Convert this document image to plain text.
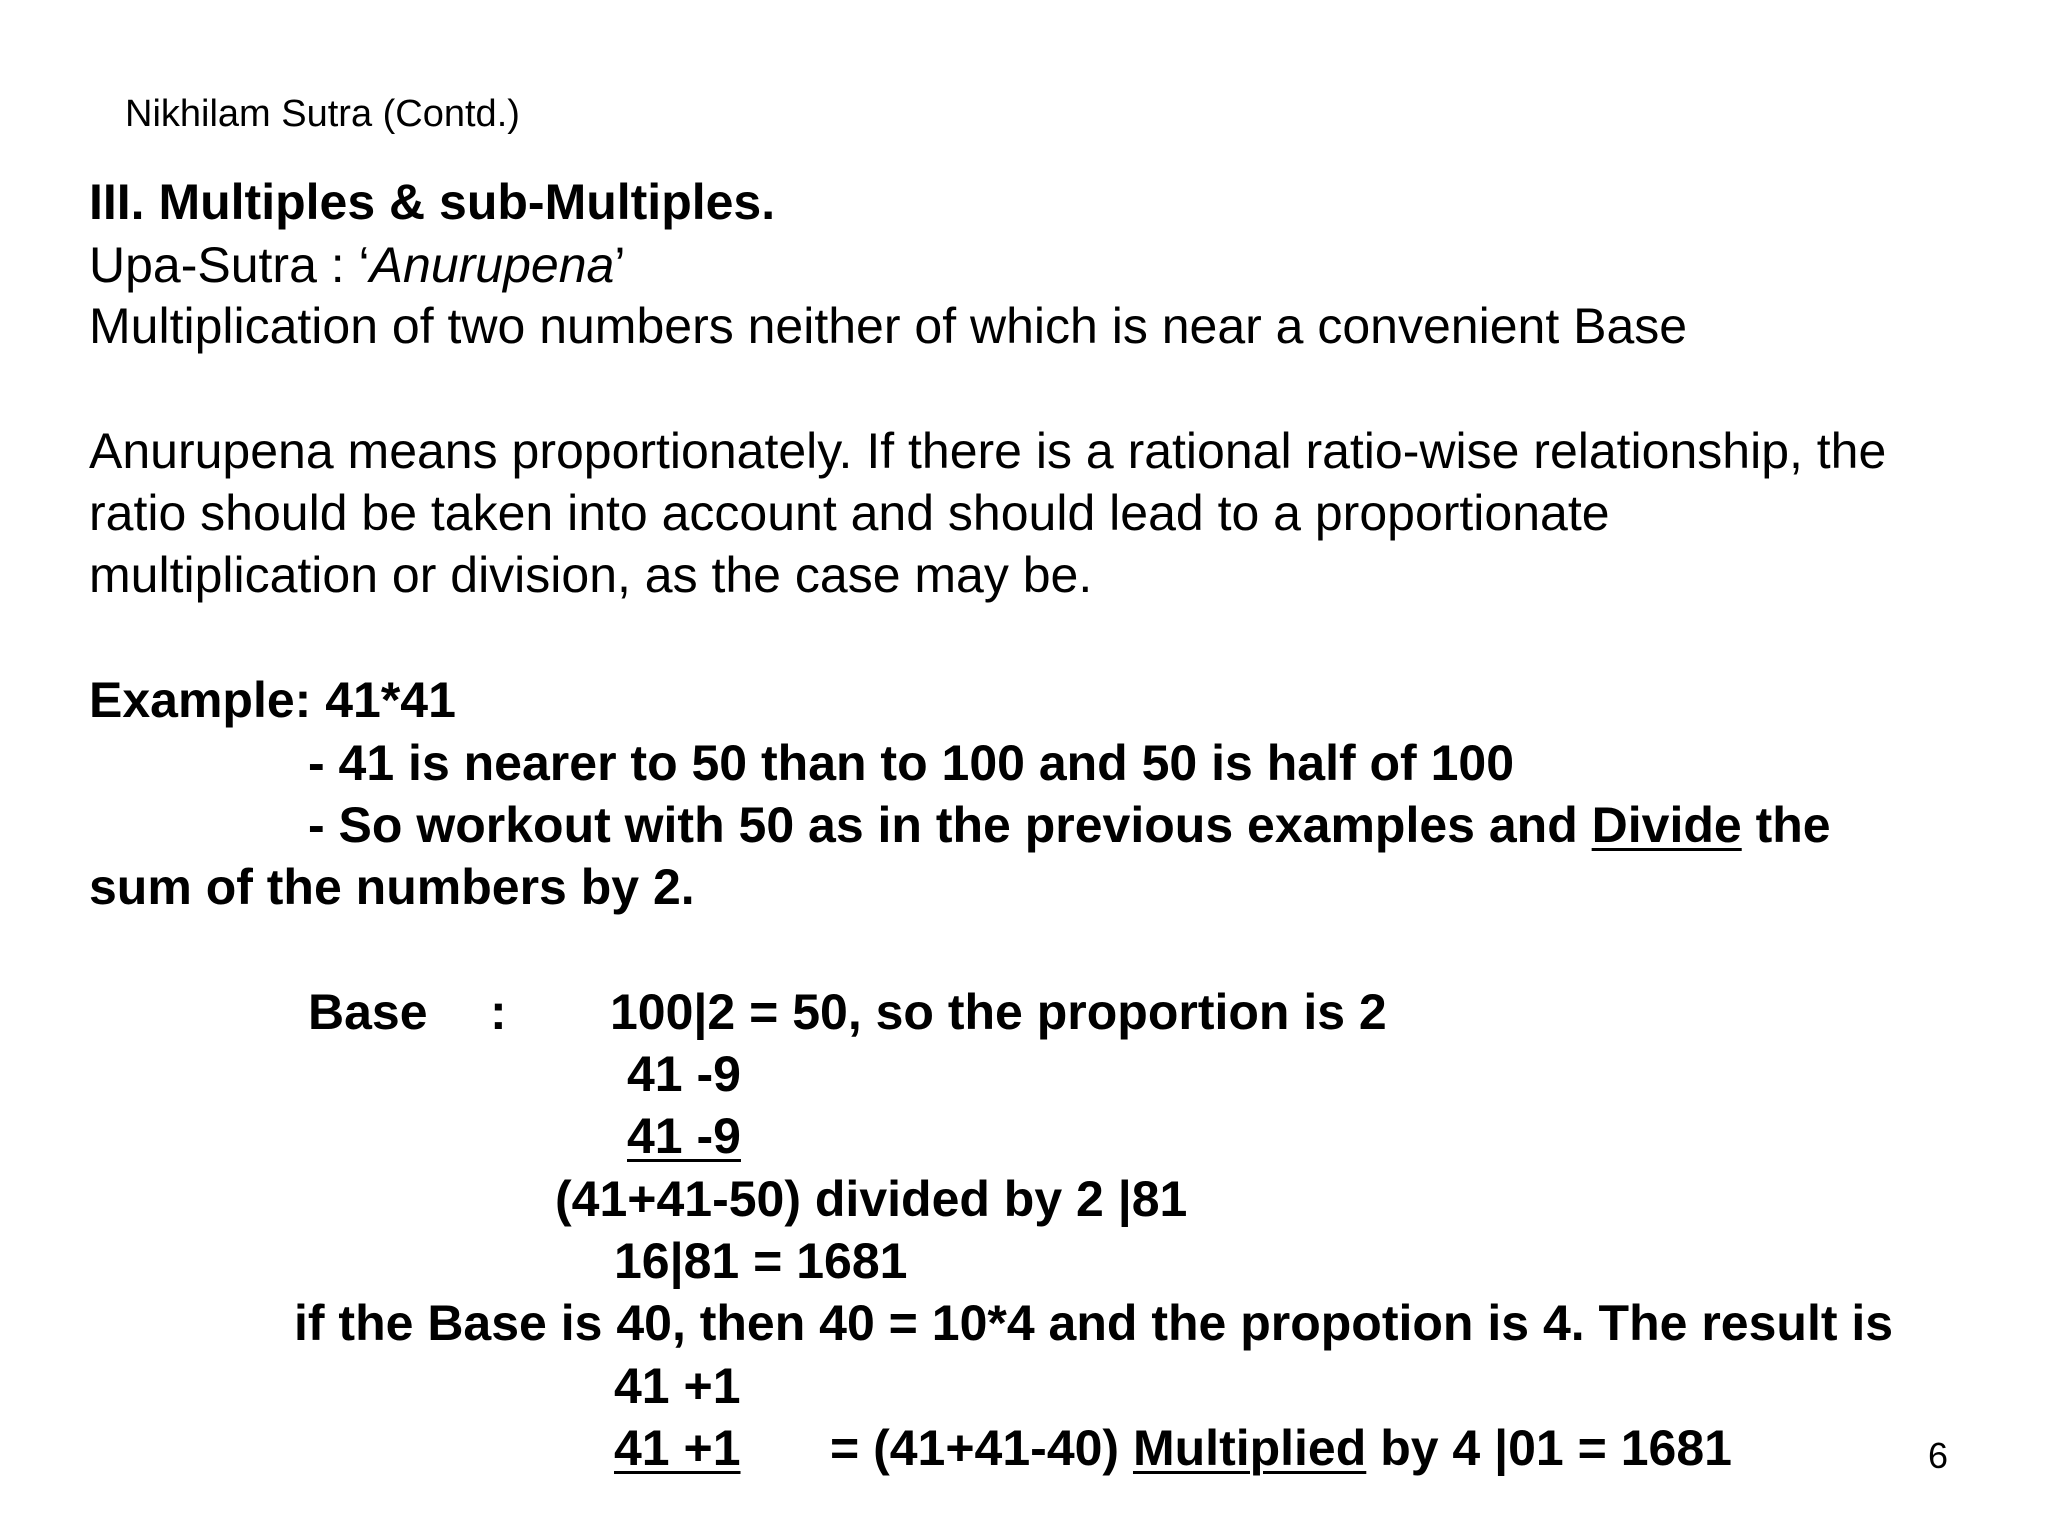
Nikhilam Sutra (Contd.)
III. Multiples & sub-Multiples.
Upa-Sutra : ‘Anurupena’
Multiplication of two numbers neither of which is near a convenient Base
Anurupena means proportionately. If there is a rational ratio-wise relationship, the
ratio should be taken into account and should lead to a proportionate
multiplication or division, as the case may be.
Example: 41*41
- 41 is nearer to 50 than to 100 and 50 is half of 100
- So workout with 50 as in the previous examples and Divide the
sum of the numbers by 2.
Base : 100|2 = 50, so the proportion is 2
41 -9
41 -9
(41+41-50) divided by 2 |81
16|81 = 1681
if the Base is 40, then 40 = 10*4 and the propotion is 4. The result is
41 +1
41 +1 = (41+41-40) Multiplied by 4 |01 = 1681	6
